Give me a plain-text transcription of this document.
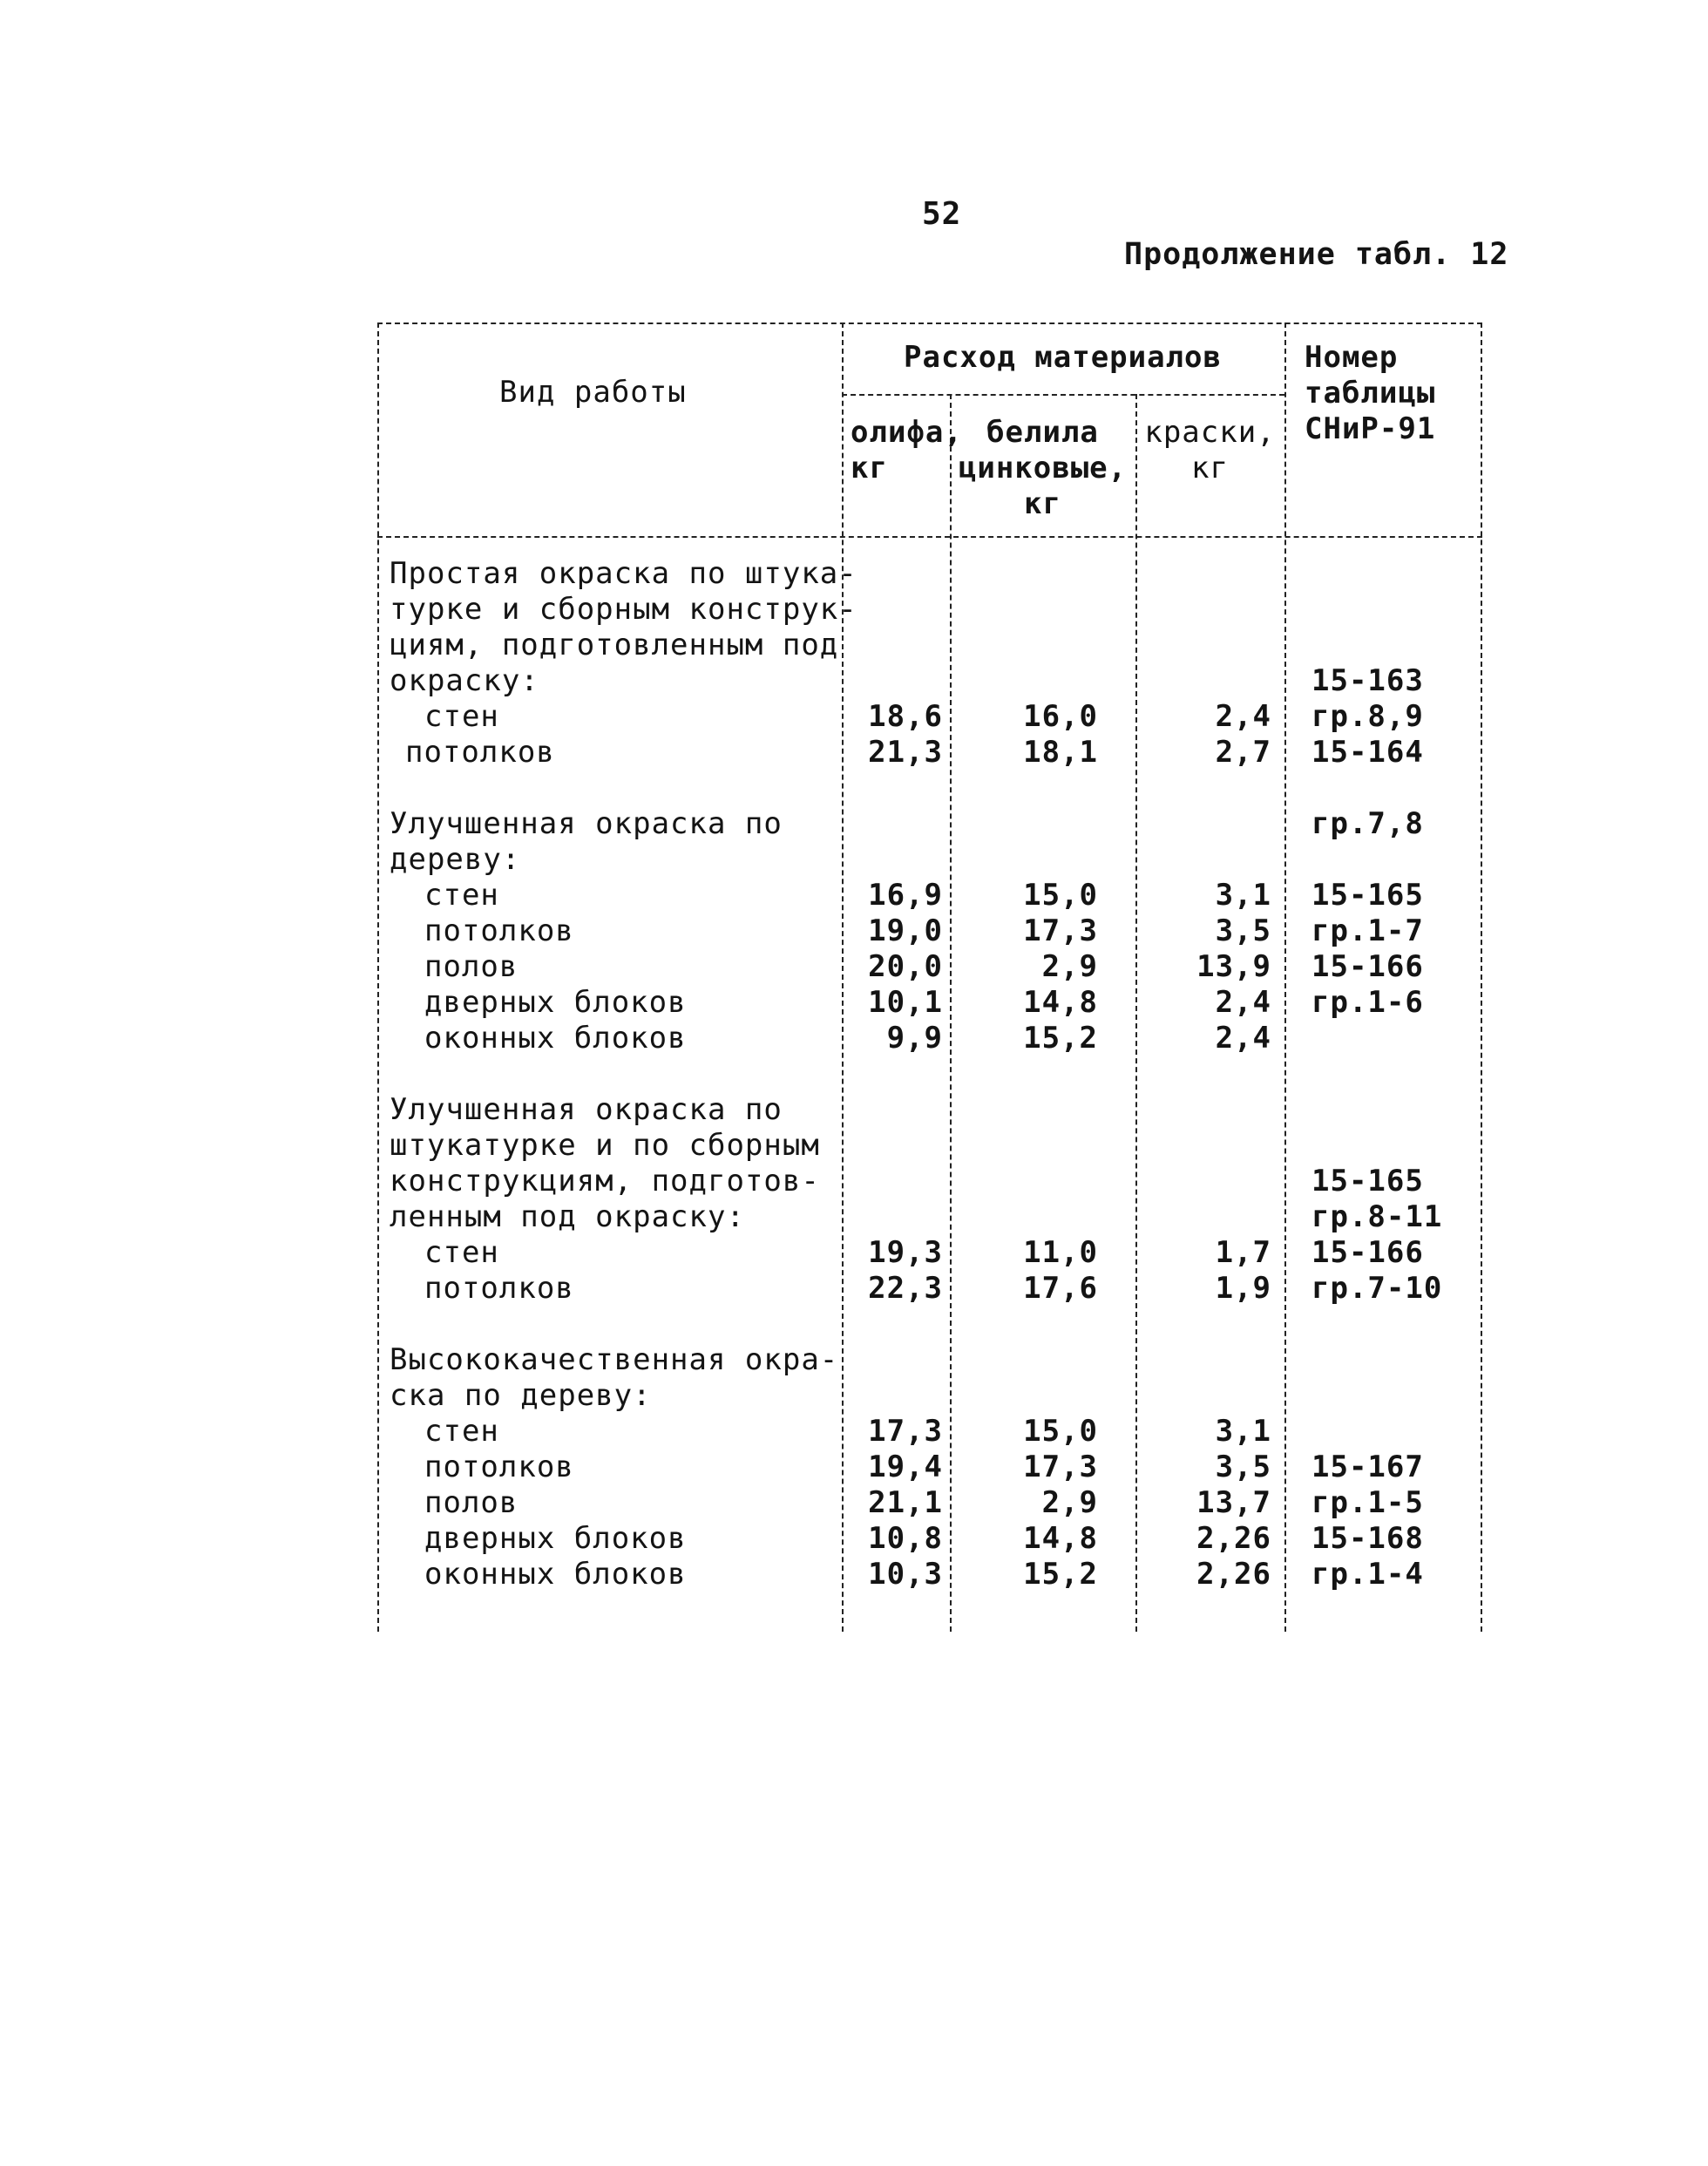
52
Продолжение табл. 12
Вид работы
Расход материалов
олифа,
кг
белила
цинковые,
кг
краски,
кг
Номер
таблицы
СНиР-91
Простая окраска по штука-
турке и сборным конструк-
циям, подготовленным под
окраску:
стен
потолков
Улучшенная окраска по
дереву:
стен
потолков
полов
дверных блоков
оконных блоков
Улучшенная окраска по
штукатурке и по сборным
конструкциям, подготов-
ленным под окраску:
стен
потолков
Высококачественная окра-
ска по дереву:
стен
потолков
полов
дверных блоков
оконных блоков
18,6
21,3
16,9
19,0
20,0
10,1
9,9
19,3
22,3
17,3
19,4
21,1
10,8
10,3
16,0
18,1
15,0
17,3
2,9
14,8
15,2
11,0
17,6
15,0
17,3
2,9
14,8
15,2
2,4
2,7
3,1
3,5
13,9
2,4
2,4
1,7
1,9
3,1
3,5
13,7
2,26
2,26
15-163
гр.8,9
15-164
гр.7,8
15-165
гр.1-7
15-166
гр.1-6
15-165
гр.8-11
15-166
гр.7-10
15-167
гр.1-5
15-168
гр.1-4
